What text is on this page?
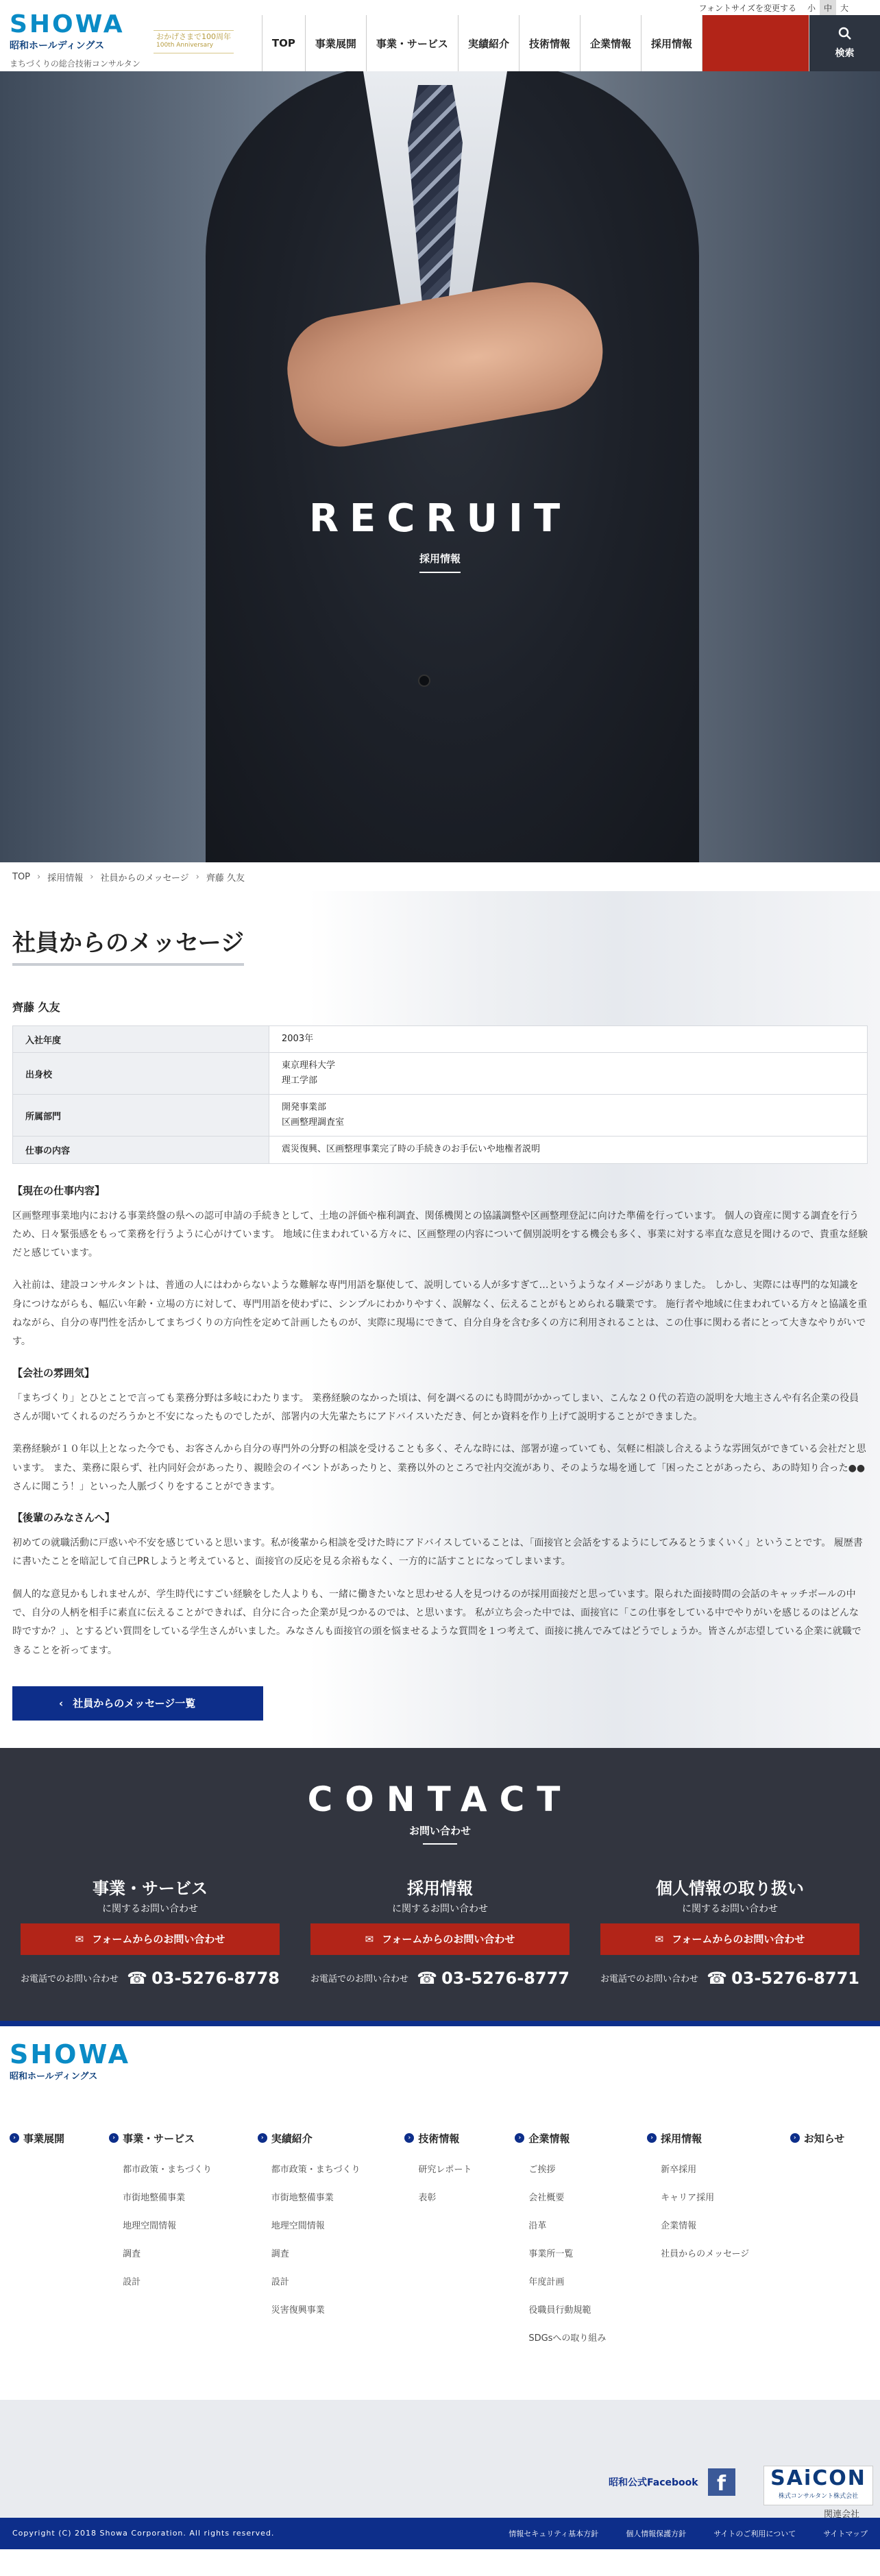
フォントサイズを変更する	小 中 大
SHOWA
昭和ホールディングス
まちづくりの総合技術コンサルタン
おかげさまで100周年
100th Anniversary	TOP	事業展開	事業・サービス	実績紹介	技術情報	企業情報	採用情報
検索
RECRUIT
採用情報
TOP › 採用情報 › 社員からのメッセージ › 齊藤 久友
社員からのメッセージ
齊藤 久友
入社年度	2003年
出身校	東京理科大学
理工学部

所属部門	開発事業部
区画整理調査室

仕事の内容	震災復興、区画整理事業完了時の手続きのお手伝いや地権者説明
【現在の仕事内容】

区画整理事業地内における事業終盤の県への認可申請の手続きとして、土地の評価や権利調査、関係機関との協議調整や区画整理登記に向けた準備を行っています。 個人の資産に関する調査を行うため、日々緊張感をもって業務を行うように心がけています。 地域に住まわれている方々に、区画整理の内容について個別説明をする機会も多く、事業に対する率直な意見を聞けるので、貴重な経験だと感じています。

入社前は、建設コンサルタントは、普通の人にはわからないような難解な専門用語を駆使して、説明している人が多すぎて…というようなイメージがありました。 しかし、実際には専門的な知識を身につけながらも、幅広い年齢・立場の方に対して、専門用語を使わずに、シンプルにわかりやすく、誤解なく、伝えることがもとめられる職業です。 施行者や地域に住まわれている方々と協議を重ねながら、自分の専門性を活かしてまちづくりの方向性を定めて計画したものが、実際に現場にできて、自分自身を含む多くの方に利用されることは、この仕事に関わる者にとって大きなやりがいです。

【会社の雰囲気】

「まちづくり」とひとことで言っても業務分野は多岐にわたります。 業務経験のなかった頃は、何を調べるのにも時間がかかってしまい、こんな２０代の若造の説明を大地主さんや有名企業の役員さんが聞いてくれるのだろうかと不安になったものでしたが、部署内の大先輩たちにアドバイスいただき、何とか資料を作り上げて説明することができました。

業務経験が１０年以上となった今でも、お客さんから自分の専門外の分野の相談を受けることも多く、そんな時には、部署が違っていても、気軽に相談し合えるような雰囲気ができている会社だと思います。 また、業務に限らず、社内同好会があったり、親睦会のイベントがあったりと、業務以外のところで社内交流があり、そのような場を通して「困ったことがあったら、あの時知り合った●●さんに聞こう！」といった人脈づくりをすることができます。

【後輩のみなさんへ】

初めての就職活動に戸惑いや不安を感じていると思います。私が後輩から相談を受けた時にアドバイスしていることは、「面接官と会話をするようにしてみるとうまくいく」ということです。 履歴書に書いたことを暗記して自己PRしようと考えていると、面接官の反応を見る余裕もなく、一方的に話すことになってしまいます。

個人的な意見かもしれませんが、学生時代にすごい経験をした人よりも、一緒に働きたいなと思わせる人を見つけるのが採用面接だと思っています。限られた面接時間の会話のキャッチボールの中で、自分の人柄を相手に素直に伝えることができれば、自分に合った企業が見つかるのでは、と思います。 私が立ち会った中では、面接官に「この仕事をしている中でやりがいを感じるのはどんな時ですか？」、とするどい質問をしている学生さんがいました。みなさんも面接官の頭を悩ませるような質問を１つ考えて、面接に挑んでみてはどうでしょうか。皆さんが志望している企業に就職できることを祈ってます。

‹ 社員からのメッセージ一覧
CONTACT
お問い合わせ
事業・サービス
に関するお問い合わせ
✉ フォームからのお問い合わせ
お電話でのお問い合わせ ☎ 03-5276-8778
採用情報
に関するお問い合わせ
✉ フォームからのお問い合わせ
お電話でのお問い合わせ ☎ 03-5276-8777
個人情報の取り扱い
に関するお問い合わせ
✉ フォームからのお問い合わせ
お電話でのお問い合わせ ☎ 03-5276-8771
SHOWA
昭和ホールディングス
› 事業展開	› 事業・サービス
都市政策・まちづくり
市街地整備事業
地理空間情報
調査
設計
› 実績紹介
都市政策・まちづくり
市街地整備事業
地理空間情報
調査
設計
災害復興事業
› 技術情報
研究レポート
表彰
› 企業情報
ご挨拶
会社概要
沿革
事業所一覧
年度計画
役職員行動規範
SDGsへの取り組み
› 採用情報
新卒採用
キャリア採用
企業情報
社員からのメッセージ
› お知らせ
昭和公式Facebook f	SAiCON
株式コンサルタント株式会社
関連会社
Copyright (C) 2018 Showa Corporation. All rights reserved.	情報セキュリティ基本方針	個人情報保護方針	サイトのご利用について	サイトマップ
